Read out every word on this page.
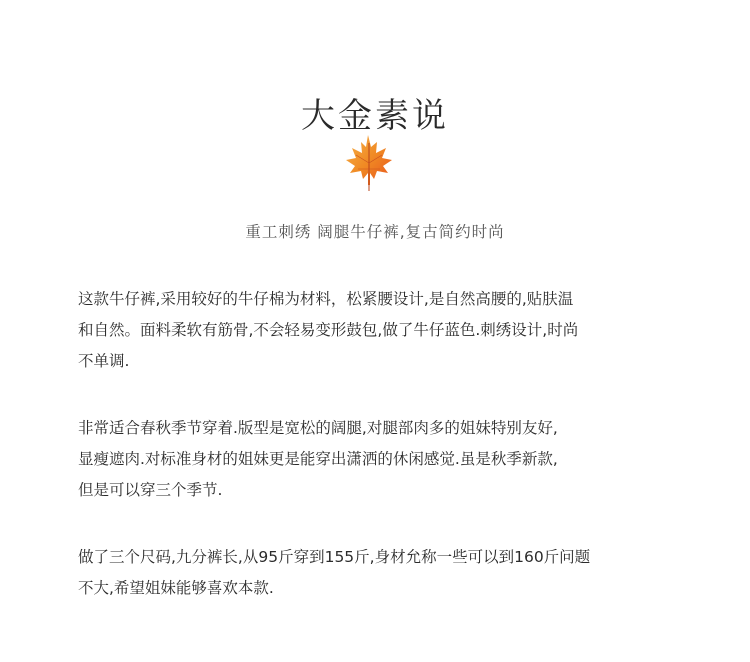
大金素说
重工刺绣 阔腿牛仔裤,复古简约时尚
这款牛仔裤,采用较好的牛仔棉为材料，松紧腰设计,是自然高腰的,贴肤温
和自然。面料柔软有筋骨,不会轻易变形鼓包,做了牛仔蓝色.刺绣设计,时尚
不单调.
非常适合春秋季节穿着.版型是宽松的阔腿,对腿部肉多的姐妹特别友好,
显瘦遮肉.对标准身材的姐妹更是能穿出潇洒的休闲感觉.虽是秋季新款,
但是可以穿三个季节.
做了三个尺码,九分裤长,从95斤穿到155斤,身材允称一些可以到160斤问题
不大,希望姐妹能够喜欢本款.
